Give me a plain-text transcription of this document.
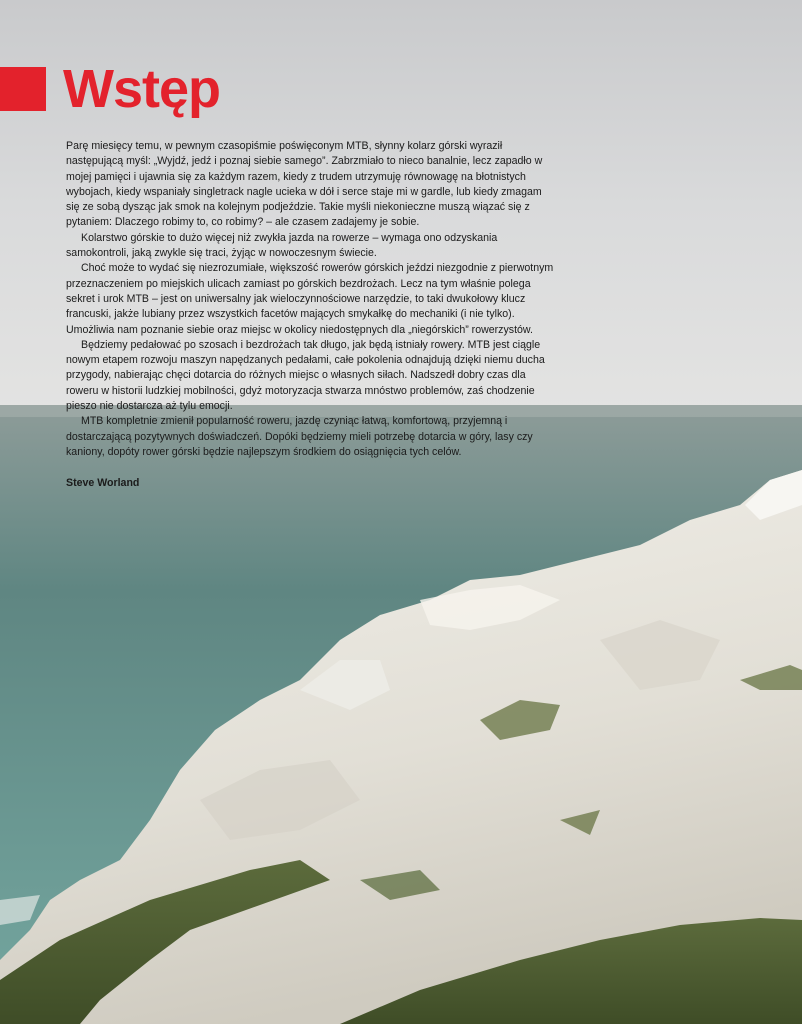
Wstęp

Parę miesięcy temu, w pewnym czasopiśmie poświęconym MTB, słynny kolarz górski wyraził następującą myśl: „Wyjdź, jedź i poznaj siebie samego”. Zabrzmiało to nieco banalnie, lecz zapadło w mojej pamięci i ujawnia się za każdym razem, kiedy z trudem utrzymuję równowagę na błotnistych wybojach, kiedy wspaniały singletrack nagle ucieka w dół i serce staje mi w gardle, lub kiedy zmagam się ze sobą dysząc jak smok na kolejnym podjeździe. Takie myśli niekonieczne muszą wiązać się z pytaniem: Dlaczego robimy to, co robimy? – ale czasem zadajemy je sobie.

Kolarstwo górskie to dużo więcej niż zwykła jazda na rowerze – wymaga ono odzyskania samokontroli, jaką zwykle się traci, żyjąc w nowoczesnym świecie.

Choć może to wydać się niezrozumiałe, większość rowerów górskich jeździ niezgodnie z pierwotnym przeznaczeniem po miejskich ulicach zamiast po górskich bezdrożach. Lecz na tym właśnie polega sekret i urok MTB – jest on uniwersalny jak wieloczynnościowe narzędzie, to taki dwukołowy klucz francuski, jakże lubiany przez wszystkich facetów mających smykałkę do mechaniki (i nie tylko). Umożliwia nam poznanie siebie oraz miejsc w okolicy niedostępnych dla „niegórskich” rowerzystów.

Będziemy pedałować po szosach i bezdrożach tak długo, jak będą istniały rowery. MTB jest ciągle nowym etapem rozwoju maszyn napędzanych pedałami, całe pokolenia odnajdują dzięki niemu ducha przygody, nabierając chęci dotarcia do różnych miejsc o własnych siłach. Nadszedł dobry czas dla roweru w historii ludzkiej mobilności, gdyż motoryzacja stwarza mnóstwo problemów, zaś chodzenie pieszo nie dostarcza aż tylu emocji.

MTB kompletnie zmienił popularność roweru, jazdę czyniąc łatwą, komfortową, przyjemną i dostarczającą pozytywnych doświadczeń. Dopóki będziemy mieli potrzebę dotarcia w góry, lasy czy kaniony, dopóty rower górski będzie najlepszym środkiem do osiągnięcia tych celów.

Steve Worland
